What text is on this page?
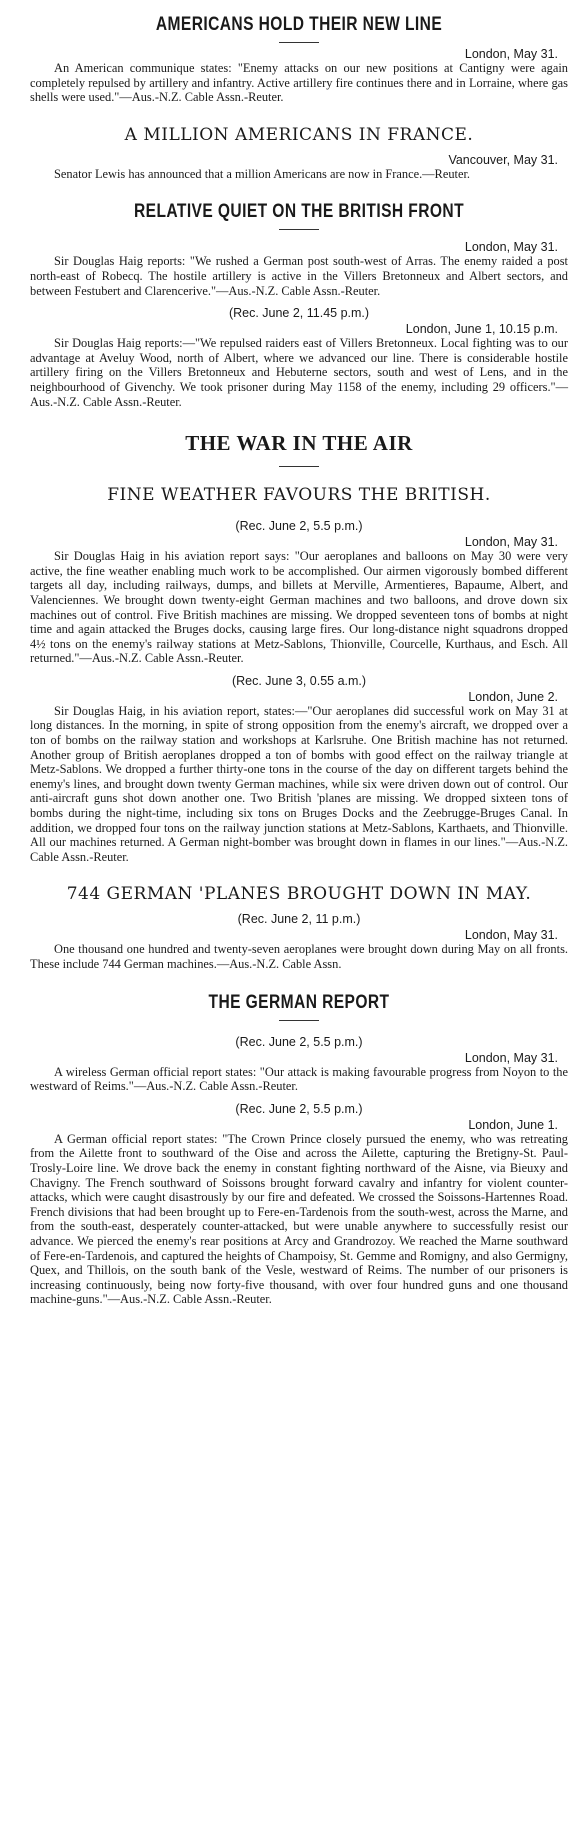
AMERICANS HOLD THEIR NEW LINE
London, May 31.

An American communique states: "Enemy attacks on our new positions at Cantigny were again completely repulsed by artillery and infantry. Active artillery fire continues there and in Lorraine, where gas shells were used."—Aus.-N.Z. Cable Assn.-Reuter.

A MILLION AMERICANS IN FRANCE.
Vancouver, May 31.

Senator Lewis has announced that a million Americans are now in France.—Reuter.

RELATIVE QUIET ON THE BRITISH FRONT
London, May 31.

Sir Douglas Haig reports: "We rushed a German post south-west of Arras. The enemy raided a post north-east of Robecq. The hostile artillery is active in the Villers Bretonneux and Albert sectors, and between Festubert and Clarencerive."—Aus.-N.Z. Cable Assn.-Reuter.

(Rec. June 2, 11.45 p.m.)
London, June 1, 10.15 p.m.

Sir Douglas Haig reports:—"We repulsed raiders east of Villers Bretonneux. Local fighting was to our advantage at Aveluy Wood, north of Albert, where we advanced our line. There is considerable hostile artillery firing on the Villers Bretonneux and Hebuterne sectors, south and west of Lens, and in the neighbourhood of Givenchy. We took prisoner during May 1158 of the enemy, including 29 officers."—Aus.-N.Z. Cable Assn.-Reuter.

THE WAR IN THE AIR
FINE WEATHER FAVOURS THE BRITISH.
(Rec. June 2, 5.5 p.m.)
London, May 31.

Sir Douglas Haig in his aviation report says: "Our aeroplanes and balloons on May 30 were very active, the fine weather enabling much work to be accomplished. Our airmen vigorously bombed different targets all day, including railways, dumps, and billets at Merville, Armentieres, Bapaume, Albert, and Valenciennes. We brought down twenty-eight German machines and two balloons, and drove down six machines out of control. Five British machines are missing. We dropped seventeen tons of bombs at night time and again attacked the Bruges docks, causing large fires. Our long-distance night squadrons dropped 4½ tons on the enemy's railway stations at Metz-Sablons, Thionville, Courcelle, Kurthaus, and Esch. All returned."—Aus.-N.Z. Cable Assn.-Reuter.

(Rec. June 3, 0.55 a.m.)
London, June 2.

Sir Douglas Haig, in his aviation report, states:—"Our aeroplanes did successful work on May 31 at long distances. In the morning, in spite of strong opposition from the enemy's aircraft, we dropped over a ton of bombs on the railway station and workshops at Karlsruhe. One British machine has not returned. Another group of British aeroplanes dropped a ton of bombs with good effect on the railway triangle at Metz-Sablons. We dropped a further thirty-one tons in the course of the day on different targets behind the enemy's lines, and brought down twenty German machines, while six were driven down out of control. Our anti-aircraft guns shot down another one. Two British 'planes are missing. We dropped sixteen tons of bombs during the night-time, including six tons on Bruges Docks and the Zeebrugge-Bruges Canal. In addition, we dropped four tons on the railway junction stations at Metz-Sablons, Karthaets, and Thionville. All our machines returned. A German night-bomber was brought down in flames in our lines."—Aus.-N.Z. Cable Assn.-Reuter.

744 GERMAN 'PLANES BROUGHT DOWN IN MAY.
(Rec. June 2, 11 p.m.)
London, May 31.

One thousand one hundred and twenty-seven aeroplanes were brought down during May on all fronts. These include 744 German machines.—Aus.-N.Z. Cable Assn.

THE GERMAN REPORT
(Rec. June 2, 5.5 p.m.)
London, May 31.

A wireless German official report states: "Our attack is making favourable progress from Noyon to the westward of Reims."—Aus.-N.Z. Cable Assn.-Reuter.

(Rec. June 2, 5.5 p.m.)
London, June 1.

A German official report states: "The Crown Prince closely pursued the enemy, who was retreating from the Ailette front to southward of the Oise and across the Ailette, capturing the Bretigny-St. Paul-Trosly-Loire line. We drove back the enemy in constant fighting northward of the Aisne, via Bieuxy and Chavigny. The French southward of Soissons brought forward cavalry and infantry for violent counter-attacks, which were caught disastrously by our fire and defeated. We crossed the Soissons-Hartennes Road. French divisions that had been brought up to Fere-en-Tardenois from the south-west, across the Marne, and from the south-east, desperately counter-attacked, but were unable anywhere to successfully resist our advance. We pierced the enemy's rear positions at Arcy and Grandrozoy. We reached the Marne southward of Fere-en-Tardenois, and captured the heights of Champoisy, St. Gemme and Romigny, and also Germigny, Quex, and Thillois, on the south bank of the Vesle, westward of Reims. The number of our prisoners is increasing continuously, being now forty-five thousand, with over four hundred guns and one thousand machine-guns."—Aus.-N.Z. Cable Assn.-Reuter.
